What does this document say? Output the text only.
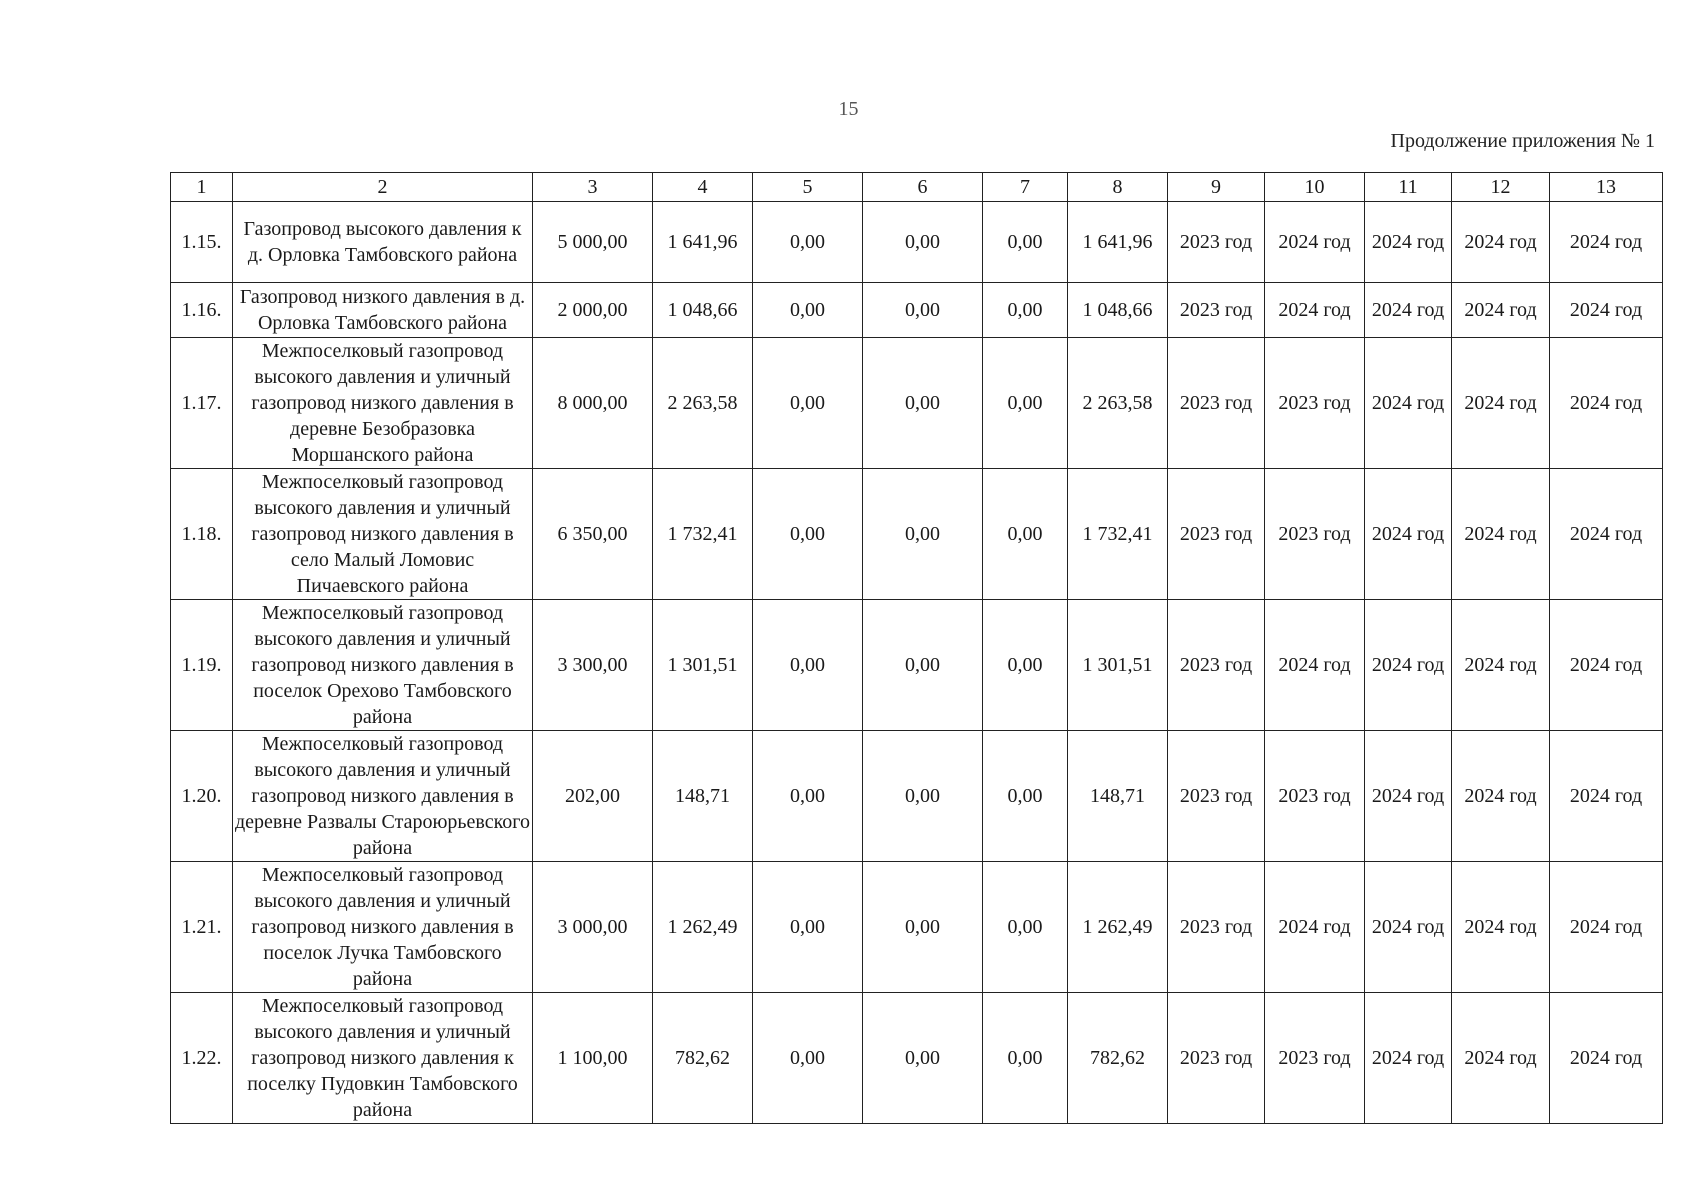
15
Продолжение приложения № 1
1	2	3	4	5	6	7	8	9	10	11	12	13
1.15.	Газопровод высокого давления к д. Орловка Тамбовского района	5 000,00	1 641,96	0,00	0,00	0,00	1 641,96	2023 год	2024 год	2024 год	2024 год	2024 год
1.16.	Газопровод низкого давления в д. Орловка Тамбовского района	2 000,00	1 048,66	0,00	0,00	0,00	1 048,66	2023 год	2024 год	2024 год	2024 год	2024 год
1.17.	Межпоселковый газопровод высокого давления и уличный газопровод низкого давления в деревне Безобразовка Моршанского района	8 000,00	2 263,58	0,00	0,00	0,00	2 263,58	2023 год	2023 год	2024 год	2024 год	2024 год
1.18.	Межпоселковый газопровод высокого давления и уличный газопровод низкого давления в село Малый Ломовис Пичаевского района	6 350,00	1 732,41	0,00	0,00	0,00	1 732,41	2023 год	2023 год	2024 год	2024 год	2024 год
1.19.	Межпоселковый газопровод высокого давления и уличный газопровод низкого давления в поселок Орехово Тамбовского района	3 300,00	1 301,51	0,00	0,00	0,00	1 301,51	2023 год	2024 год	2024 год	2024 год	2024 год
1.20.	Межпоселковый газопровод высокого давления и уличный газопровод низкого давления в деревне Развалы Староюрьевского района	202,00	148,71	0,00	0,00	0,00	148,71	2023 год	2023 год	2024 год	2024 год	2024 год
1.21.	Межпоселковый газопровод высокого давления и уличный газопровод низкого давления в поселок Лучка Тамбовского района	3 000,00	1 262,49	0,00	0,00	0,00	1 262,49	2023 год	2024 год	2024 год	2024 год	2024 год
1.22.	Межпоселковый газопровод высокого давления и уличный газопровод низкого давления к поселку Пудовкин Тамбовского района	1 100,00	782,62	0,00	0,00	0,00	782,62	2023 год	2023 год	2024 год	2024 год	2024 год
